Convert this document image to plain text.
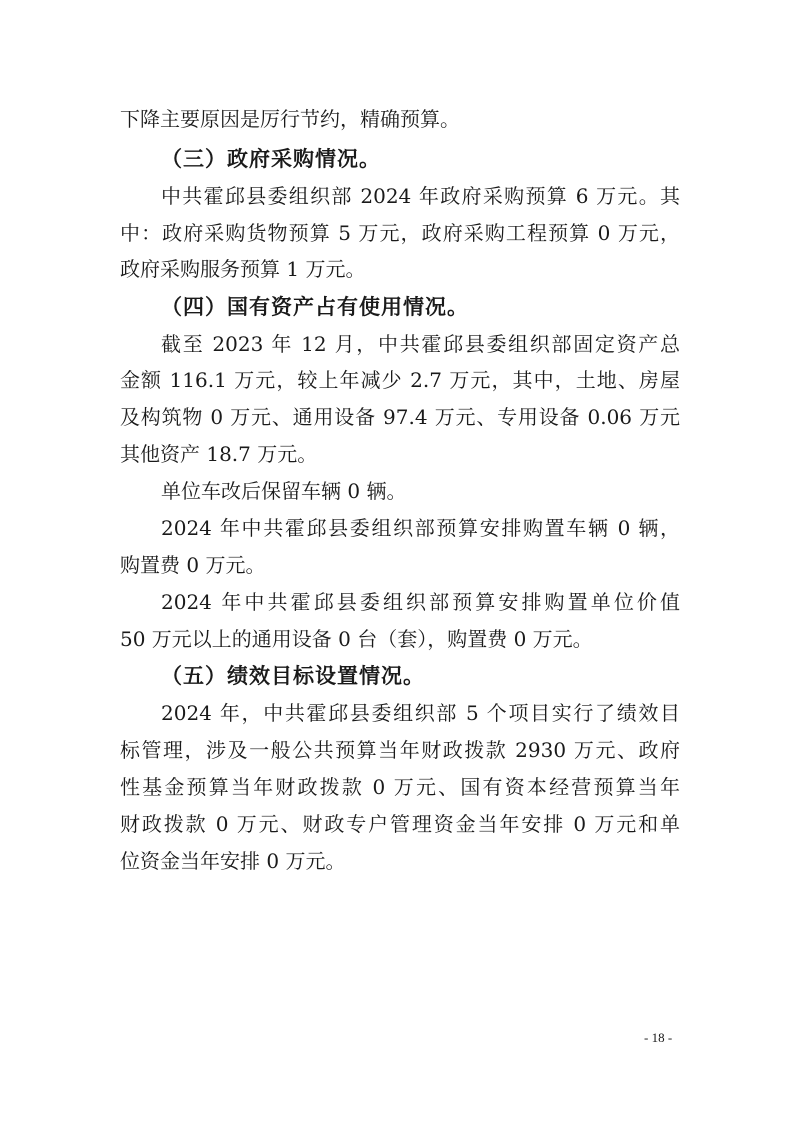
下降主要原因是厉行节约，精确预算。
（三）政府采购情况。
中共霍邱县委组织部 2024 年政府采购预算 6 万元。其
中：政府采购货物预算 5 万元，政府采购工程预算 0 万元，
政府采购服务预算 1 万元。
（四）国有资产占有使用情况。
截至 2023 年 12 月，中共霍邱县委组织部固定资产总
金额 116.1 万元，较上年减少 2.7 万元，其中，土地、房屋
及构筑物 0 万元、通用设备 97.4 万元、专用设备 0.06 万元
其他资产 18.7 万元。
单位车改后保留车辆 0 辆。
2024 年中共霍邱县委组织部预算安排购置车辆 0 辆，
购置费 0 万元。
2024 年中共霍邱县委组织部预算安排购置单位价值
50 万元以上的通用设备 0 台（套），购置费 0 万元。
（五）绩效目标设置情况。
2024 年，中共霍邱县委组织部 5 个项目实行了绩效目
标管理，涉及一般公共预算当年财政拨款 2930 万元、政府
性基金预算当年财政拨款 0 万元、国有资本经营预算当年
财政拨款 0 万元、财政专户管理资金当年安排 0 万元和单
位资金当年安排 0 万元。
- 18 -
